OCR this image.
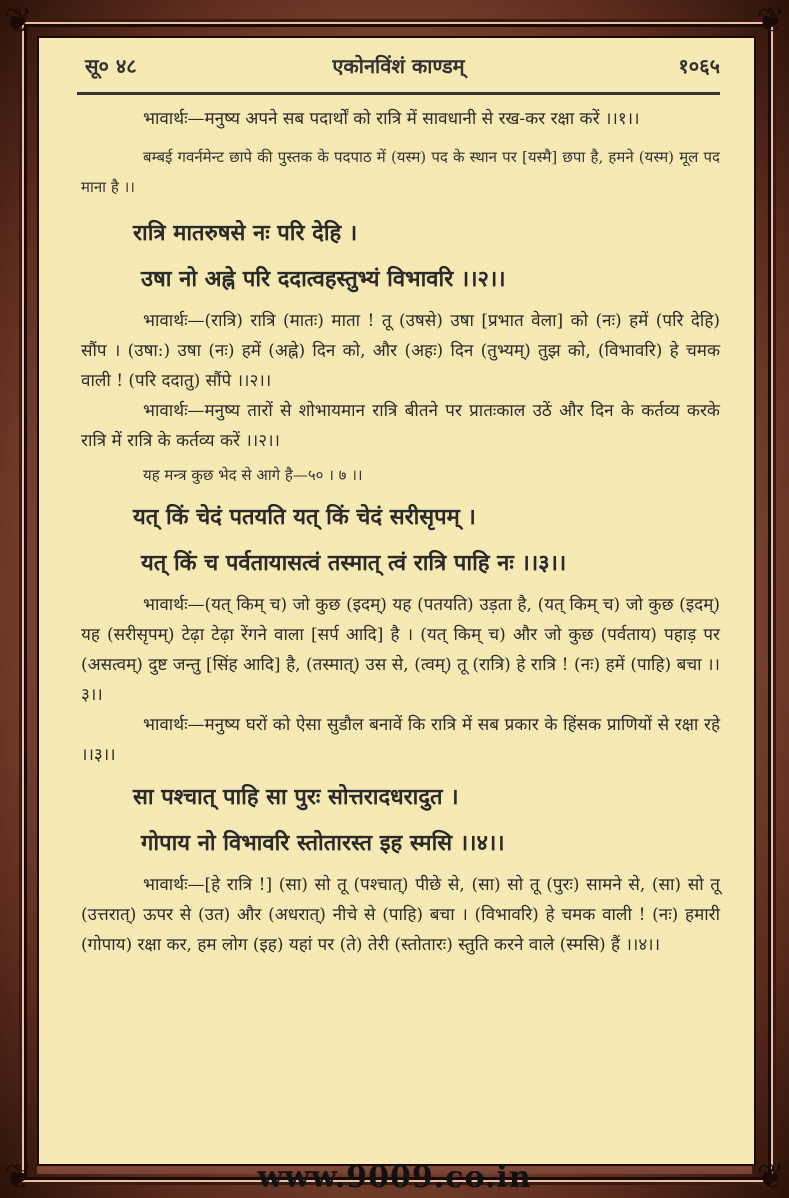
❦	❦
❦	❦
सू० ४८	एकोनविंशं काण्डम्	१०६५

भावार्थः—मनुष्य अपने सब पदार्थों को रात्रि में सावधानी से रख-कर रक्षा करें ।।१।।

बम्बई गवर्नमेन्ट छापे की पुस्तक के पदपाठ में (यस्म) पद के स्थान पर [यस्मै] छपा है, हमने (यस्म) मूल पद माना है ।।

रात्रि मातरुषसे नः परि देहि ।

उषा नो अह्ने परि ददात्वहस्तुभ्यं विभावरि ।।२।।

भावार्थः—(रात्रि) रात्रि (मातः) माता ! तू (उषसे) उषा [प्रभात वेला] को (नः) हमें (परि देहि) सौंप । (उषा:) उषा (नः) हमें (अह्ने) दिन को, और (अहः) दिन (तुभ्यम्) तुझ को, (विभावरि) हे चमक वाली ! (परि ददातु) सौंपे ।।२।।

भावार्थः—मनुष्य तारों से शोभायमान रात्रि बीतने पर प्रातःकाल उठें और दिन के कर्तव्य करके रात्रि में रात्रि के कर्तव्य करें ।।२।।

यह मन्त्र कुछ भेद से आगे है—५० । ७ ।।

यत् किं चेदं पतयति यत् किं चेदं सरीसृपम् ।

यत् किं च पर्वतायासत्वं तस्मात् त्वं रात्रि पाहि नः ।।३।।

भावार्थः—(यत् किम् च) जो कुछ (इदम्) यह (पतयति) उड़ता है, (यत् किम् च) जो कुछ (इदम्) यह (सरीसृपम्) टेढ़ा टेढ़ा रेंगने वाला [सर्प आदि] है । (यत् किम् च) और जो कुछ (पर्वताय) पहाड़ पर (असत्वम्) दुष्ट जन्तु [सिंह आदि] है, (तस्मात्) उस से, (त्वम्) तू (रात्रि) हे रात्रि ! (नः) हमें (पाहि) बचा ।।३।।

भावार्थः—मनुष्य घरों को ऐसा सुडौल बनावें कि रात्रि में सब प्रकार के हिंसक प्राणियों से रक्षा रहे ।।३।।

सा पश्चात् पाहि सा पुरः सोत्तरादधरादुत ।

गोपाय नो विभावरि स्तोतारस्त इह स्मसि ।।४।।

भावार्थः—[हे रात्रि !] (सा) सो तू (पश्चात्) पीछे से, (सा) सो तू (पुरः) सामने से, (सा) सो तू (उत्तरात्) ऊपर से (उत) और (अधरात्) नीचे से (पाहि) बचा । (विभावरि) हे चमक वाली ! (नः) हमारी (गोपाय) रक्षा कर, हम लोग (इह) यहां पर (ते) तेरी (स्तोतारः) स्तुति करने वाले (स्मसि) हैं ।।४।।

www.9009.co.in
